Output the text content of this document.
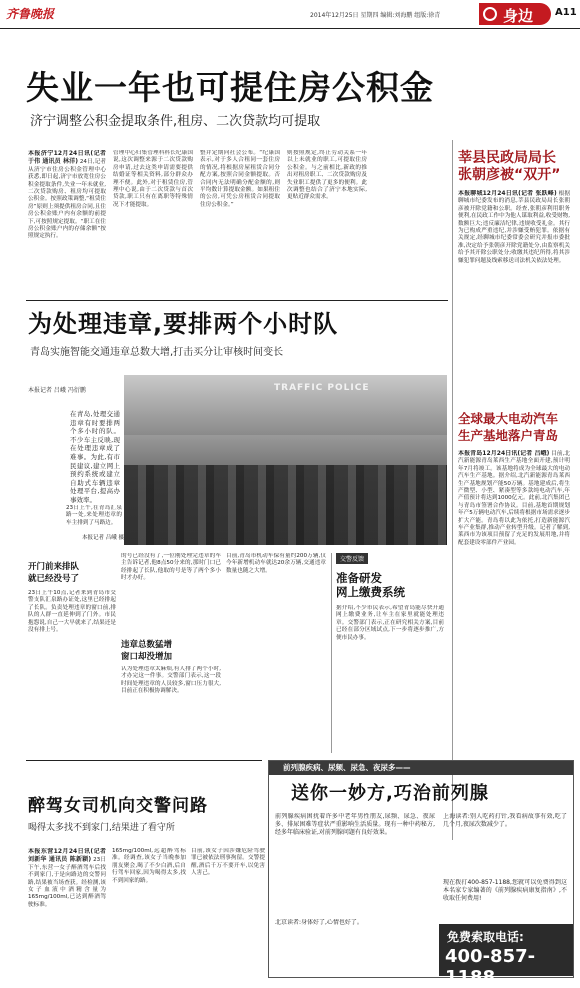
齐鲁晚报	2014年12月25日 星期四 编辑:刘海鹏 组版:徐青	身边 A11
失业一年也可提住房公积金
济宁调整公积金提取条件,租房、二次贷款均可提取
本报济宁12月24日讯(记者 于伟 通讯员 林洋) 24日,记者从济宁市住房公积金管理中心获悉,即日起,济宁市放宽住房公积金提取条件,失业一年未就业,二次贷款购房、租房均可提取公积金。按照政策调整,“租赁住房”原则上须提供租房合同,且住房公积金账户内有余额的前提下,可按照规定提取。“职工在住房公积金账户内的存储余额”按照规定执行。
管理中心归集管理科科长纪康国说,这次调整来源于二次贷款购房申请,过去这类申请需要提供结婚证等相关资料,部分群众办理不便。此外,对于租赁住房,管理中心说,由于二次贷款与首次贷款,职工只有在离职等特殊情况下才能提取。
整并定期向社会公布。“纪康国表示,对于多人合租同一套住房的情况,将根据房屋租赁合同分配方案,按照合同金额提取。否合同内无法明确分配金额的,则平均数计算提取金额。如果租住的公房,可凭公房租赁合同提取住房公积金。”
则按照规定,终止劳动关系一年以上未就业的职工,可提取住房公积金。与之前相比,新政的推出对租房职工、二次贷款购房及失业职工提供了更多的便利。此次调整也结合了济宁本地实际,更贴近群众需求。
莘县民政局局长
张朝彦被“双开”
本报聊城12月24日讯(记者 张跃峰) 根据聊城市纪委发布的消息,莘县民政局局长张朝彦被开除党籍和公职。经查,张朝彦利用职务便利,在民政工作中为他人谋取利益,收受财物,数额巨大;违反廉洁纪律,违规收受礼金。其行为已构成严重违纪,并涉嫌受贿犯罪。依据有关规定,经聊城市纪委常委会研究并报市委批准,决定给予张朝彦开除党籍处分,由监察机关给予其开除公职处分;收缴其违纪所得,将其涉嫌犯罪问题及线索移送司法机关依法处理。
为处理违章,要排两个小时队
青岛实施智能交通违章总数大增,打击买分让审核时间变长
本报记者 吕峨 冯衍鹏
在青岛,处理交通违章有时要排两个多小时的队。不少车主反映,现在处理违章成了难事。为此,有市民建议,建立网上预约系统或建立自助式车辆违章处理平台,提高办事效率。
23日上午,在青岛汇泉路一处,来处理违章的车主排到了马路边。
本报记者 吕峨 摄
TRAFFIC POLICE
开门前来排队
就已经没号了
23日上午10点,记者来到青岛市交警支队汇泉路办证处,这里已经排起了长队。负责处理违章的窗口前,排队的人群一直延伸到了门外。市民抱怨说,自己一大早就来了,结果还是没有排上号。
的号已经没有了,一位刚处理完违章的车主告诉记者,他8点50分来的,那时门口已经排起了长队,他取的号是等了两个多小时才办好。
违章总数猛增
窗口却没增加
认为处理违章太麻烦,有人排了两个小时,才办完这一件事。交警部门表示,这一段时间处理违章的人员较多,窗口压力很大,目前正在积极协调解决。
目前,青岛市机动车保有量约200万辆,仅今年新增机动车就达20余万辆,交通违章数量也随之大增。
交警反馈
准备研发
网上缴费系统
据介绍,不少市民表示,希望青岛能尽快开通网上缴费业务,让车主在家里就能处理违章。交警部门表示,正在研究相关方案,目前已经在部分区域试点,下一步将逐步推广,方便市民办事。
全球最大电动汽车
生产基地落户青岛
本报青岛12月24日讯(记者 吕峨) 目前,北汽新能源青岛莱西生产基地全面开建,预计明年7月将竣工。该基地将成为全球最大的电动汽车生产基地。据介绍,北汽新能源青岛莱西生产基地规划产能50万辆。基地建成后,将生产微型、小型、紧凑型等多款纯电动汽车,年产值预计将达到1000亿元。此前,北汽集团已与青岛市签署合作协议。目前,基地首期规划年产5万辆电动汽车,后续将根据市场需求逐步扩大产能。青岛将以此为依托,打造新能源汽车产业集群,推动产业转型升级。记者了解到,莱西市为该项目预留了充足的发展用地,并将配套建设零部件产业园。
醉驾女司机向交警问路
喝得太多找不到家门,结果进了看守所
本报东营12月24日讯(记者 刘新华 通讯员 陈新颖) 23日下午,东营一女子醉酒驾车后找不到家门,于是向路边的交警问路,结果被当场查获。经检测,该女子血液中酒精含量为165mg/100ml,已达到醉酒驾驶标准。
165mg/100ml,远超醉驾标准。经调查,该女子当晚参加朋友聚会,喝了不少白酒,后自行驾车回家,因为喝得太多,找不到回家的路。
目前,该女子因涉嫌危险驾驶罪已被依法刑事拘留。交警提醒,酒后千万不要开车,以免害人害己。
前列腺疾病、尿频、尿急、夜尿多——
送你一妙方,巧治前列腺
前列腺疾病困扰着许多中老年男性朋友,尿频、尿急、夜尿多、排尿困难等症状严重影响生活质量。现有一种中药秘方,经多年临床验证,对前列腺问题有良好效果。
上海读者:别人吃药打针,我看病故事有效,吃了几个月,夜尿次数减少了。
现在拨打400-857-1188,您就可以免费得到这本名家专家编著的《前列腺疾病康复指南》,不收取任何费用!
北京读者:身体好了,心情也好了。
免费索取电话:
400-857-1188
